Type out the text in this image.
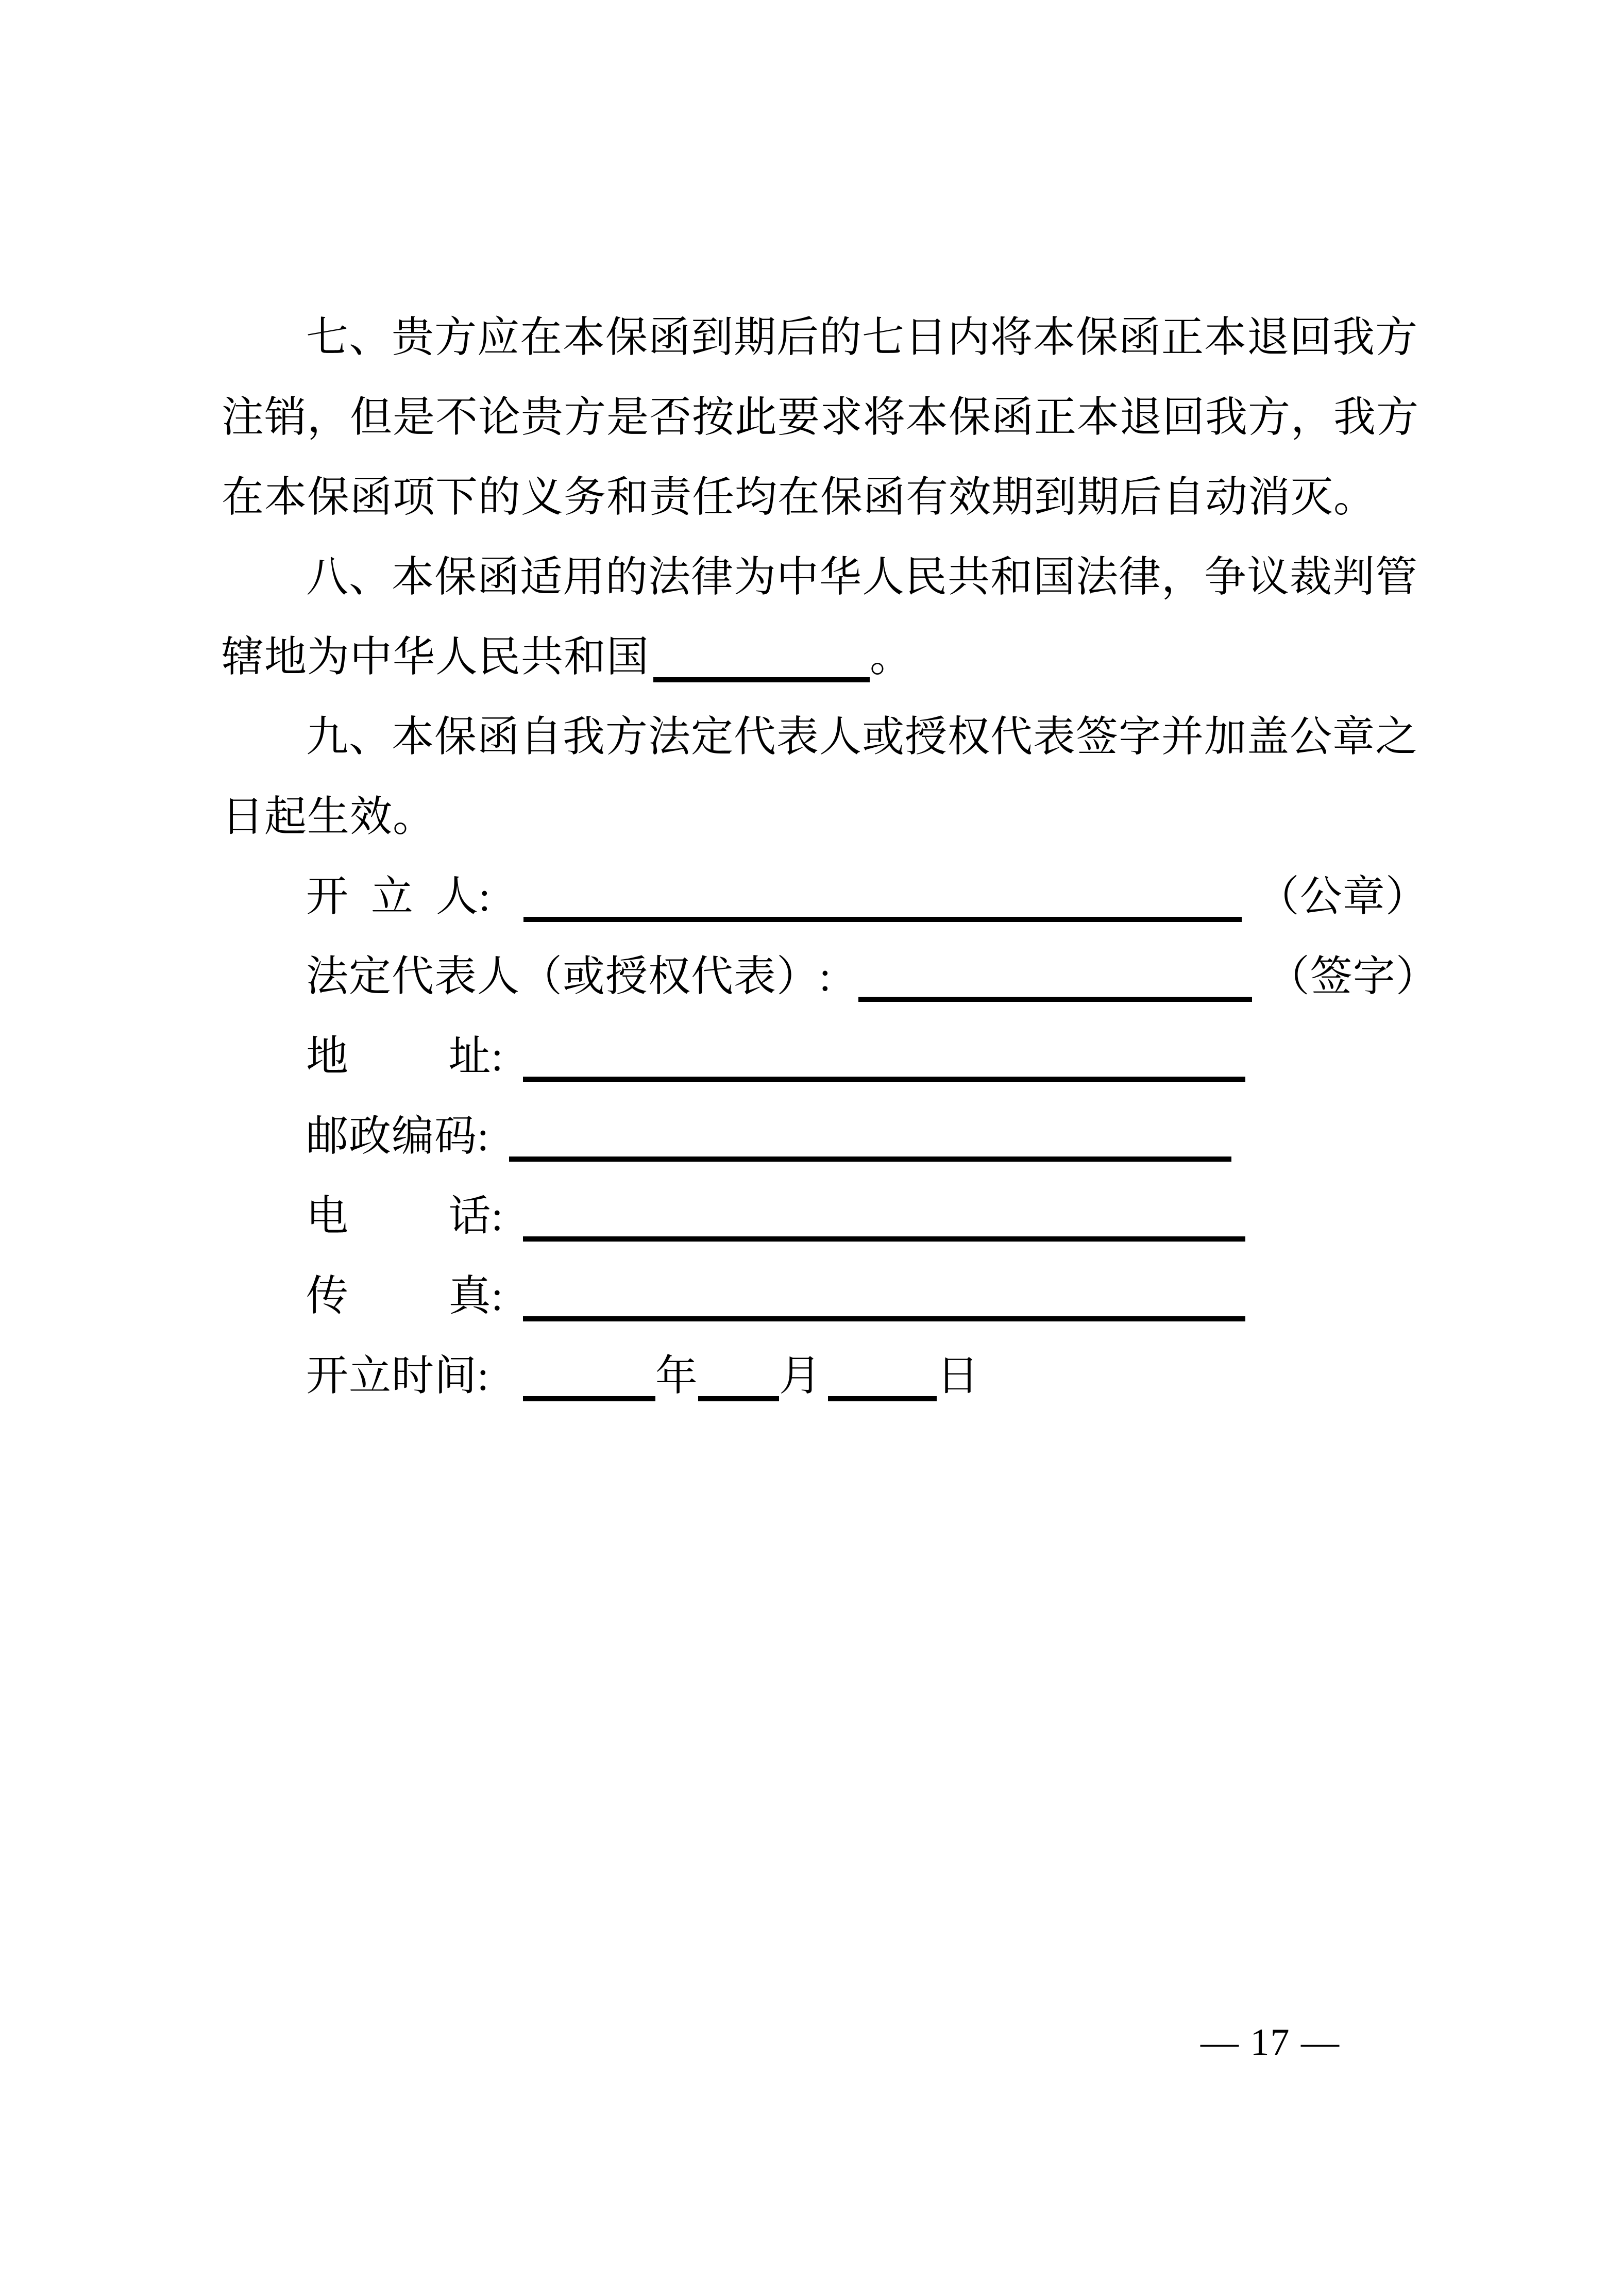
七、贵方应在本保函到期后的七日内将本保函正本退回我方
注销，但是不论贵方是否按此要求将本保函正本退回我方，我方
在本保函项下的义务和责任均在保函有效期到期后自动消灭。
八、本保函适用的法律为中华人民共和国法律，争议裁判管
辖地为中华人民共和国	。
九、本保函自我方法定代表人或授权代表签字并加盖公章之
日起生效。
开  立  人:	（公章）
法定代表人（或授权代表）:	（签字）
地         址:
邮政编码:
电         话:
传         真:
开立时间:	年 月	日
— 17 —
